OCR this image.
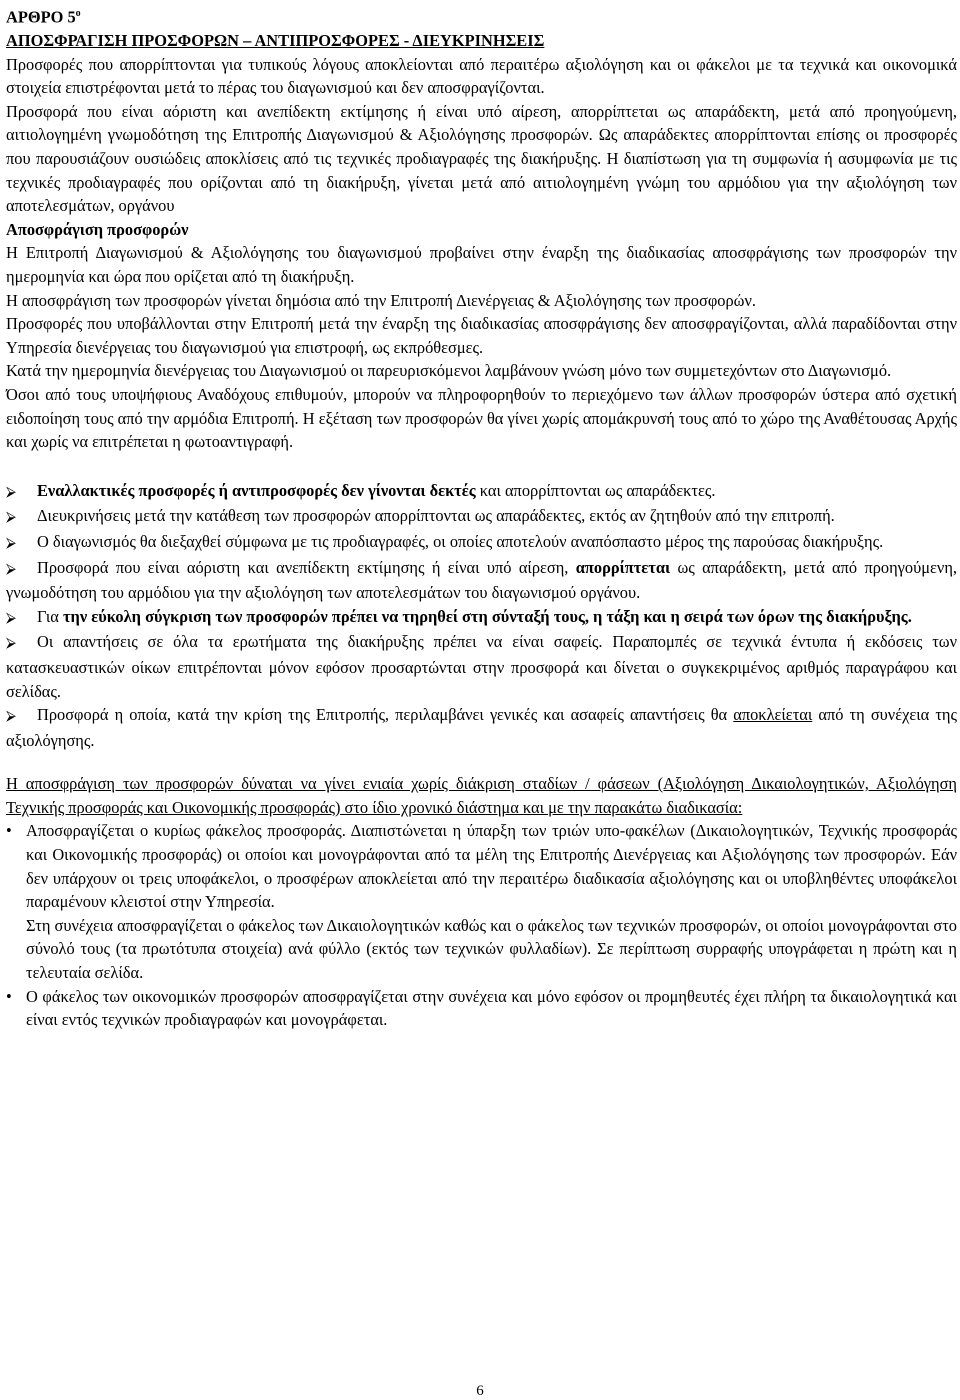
ΑΡΘΡΟ $5^o$

ΑΠΟΣΦΡΑΓΙΣΗ ΠΡΟΣΦΟΡΩΝ – ΑΝΤΙΠΡΟΣΦΟΡΕΣ - ΔΙΕΥΚΡΙΝΗΣΕΙΣ

Προσφορές που απορρίπτονται για τυπικούς λόγους αποκλείονται από περαιτέρω αξιολόγηση και οι φάκελοι με τα τεχνικά και οικονομικά στοιχεία επιστρέφονται μετά το πέρας του διαγωνισμού και δεν αποσφραγίζονται.

Προσφορά που είναι αόριστη και ανεπίδεκτη εκτίμησης ή είναι υπό αίρεση, απορρίπτεται ως απαράδεκτη, μετά από προηγούμενη, αιτιολογημένη γνωμοδότηση της Επιτροπής Διαγωνισμού & Αξιολόγησης προσφορών. Ως απαράδεκτες απορρίπτονται επίσης οι προσφορές που παρουσιάζουν ουσιώδεις αποκλίσεις από τις τεχνικές προδιαγραφές της διακήρυξης. Η διαπίστωση για τη συμφωνία ή ασυμφωνία με τις τεχνικές προδιαγραφές που ορίζονται από τη διακήρυξη, γίνεται μετά από αιτιολογημένη γνώμη του αρμόδιου για την αξιολόγηση των αποτελεσμάτων, οργάνου

Αποσφράγιση προσφορών

Η Επιτροπή Διαγωνισμού & Αξιολόγησης του διαγωνισμού προβαίνει στην έναρξη της διαδικασίας αποσφράγισης των προσφορών την ημερομηνία και ώρα που ορίζεται από τη διακήρυξη.

Η αποσφράγιση των προσφορών γίνεται δημόσια από την Επιτροπή Διενέργειας & Αξιολόγησης των προσφορών.

Προσφορές που υποβάλλονται στην Επιτροπή μετά την έναρξη της διαδικασίας αποσφράγισης δεν αποσφραγίζονται, αλλά παραδίδονται στην Υπηρεσία διενέργειας του διαγωνισμού για επιστροφή, ως εκπρόθεσμες.

Κατά την ημερομηνία διενέργειας του Διαγωνισμού οι παρευρισκόμενοι λαμβάνουν γνώση μόνο των συμμετεχόντων στο Διαγωνισμό.

Όσοι από τους υποψήφιους Αναδόχους επιθυμούν, μπορούν να πληροφορηθούν το περιεχόμενο των άλλων προσφορών ύστερα από σχετική ειδοποίηση τους από την αρμόδια Επιτροπή. Η εξέταση των προσφορών θα γίνει χωρίς απομάκρυνσή τους από το χώρο της Αναθέτουσας Αρχής και χωρίς να επιτρέπεται η φωτοαντιγραφή.

⮚ Εναλλακτικές προσφορές ή αντιπροσφορές δεν γίνονται δεκτές και απορρίπτονται ως απαράδεκτες.

⮚ Διευκρινήσεις μετά την κατάθεση των προσφορών απορρίπτονται ως απαράδεκτες, εκτός αν ζητηθούν από την επιτροπή.

⮚ Ο διαγωνισμός θα διεξαχθεί σύμφωνα με τις προδιαγραφές, οι οποίες αποτελούν αναπόσπαστο μέρος της παρούσας διακήρυξης.

⮚ Προσφορά που είναι αόριστη και ανεπίδεκτη εκτίμησης ή είναι υπό αίρεση, απορρίπτεται ως απαράδεκτη, μετά από προηγούμενη, γνωμοδότηση του αρμόδιου για την αξιολόγηση των αποτελεσμάτων του διαγωνισμού οργάνου.

⮚ Για την εύκολη σύγκριση των προσφορών πρέπει να τηρηθεί στη σύνταξή τους, η τάξη και η σειρά των όρων της διακήρυξης.

⮚ Οι απαντήσεις σε όλα τα ερωτήματα της διακήρυξης πρέπει να είναι σαφείς. Παραπομπές σε τεχνικά έντυπα ή εκδόσεις των κατασκευαστικών οίκων επιτρέπονται μόνον εφόσον προσαρτώνται στην προσφορά και δίνεται ο συγκεκριμένος αριθμός παραγράφου και σελίδας.

⮚ Προσφορά η οποία, κατά την κρίση της Επιτροπής, περιλαμβάνει γενικές και ασαφείς απαντήσεις θα αποκλείεται από τη συνέχεια της αξιολόγησης.

Η αποσφράγιση των προσφορών δύναται να γίνει ενιαία χωρίς διάκριση σταδίων / φάσεων (Αξιολόγηση Δικαιολογητικών, Αξιολόγηση Τεχνικής προσφοράς και Οικονομικής προσφοράς) στο ίδιο χρονικό διάστημα και με την παρακάτω διαδικασία:

• Αποσφραγίζεται ο κυρίως φάκελος προσφοράς. Διαπιστώνεται η ύπαρξη των τριών υπο-φακέλων (Δικαιολογητικών, Τεχνικής προσφοράς και Οικονομικής προσφοράς) οι οποίοι και μονογράφονται από τα μέλη της Επιτροπής Διενέργειας και Αξιολόγησης των προσφορών. Εάν δεν υπάρχουν οι τρεις υποφάκελοι, ο προσφέρων αποκλείεται από την περαιτέρω διαδικασία αξιολόγησης και οι υποβληθέντες υποφάκελοι παραμένουν κλειστοί στην Υπηρεσία.

Στη συνέχεια αποσφραγίζεται ο φάκελος των Δικαιολογητικών καθώς και ο φάκελος των τεχνικών προσφορών, οι οποίοι μονογράφονται στο σύνολό τους (τα πρωτότυπα στοιχεία) ανά φύλλο (εκτός των τεχνικών φυλλαδίων). Σε περίπτωση συρραφής υπογράφεται η πρώτη και η τελευταία σελίδα.

• Ο φάκελος των οικονομικών προσφορών αποσφραγίζεται στην συνέχεια και μόνο εφόσον οι προμηθευτές έχει πλήρη τα δικαιολογητικά και είναι εντός τεχνικών προδιαγραφών και μονογράφεται.

6
